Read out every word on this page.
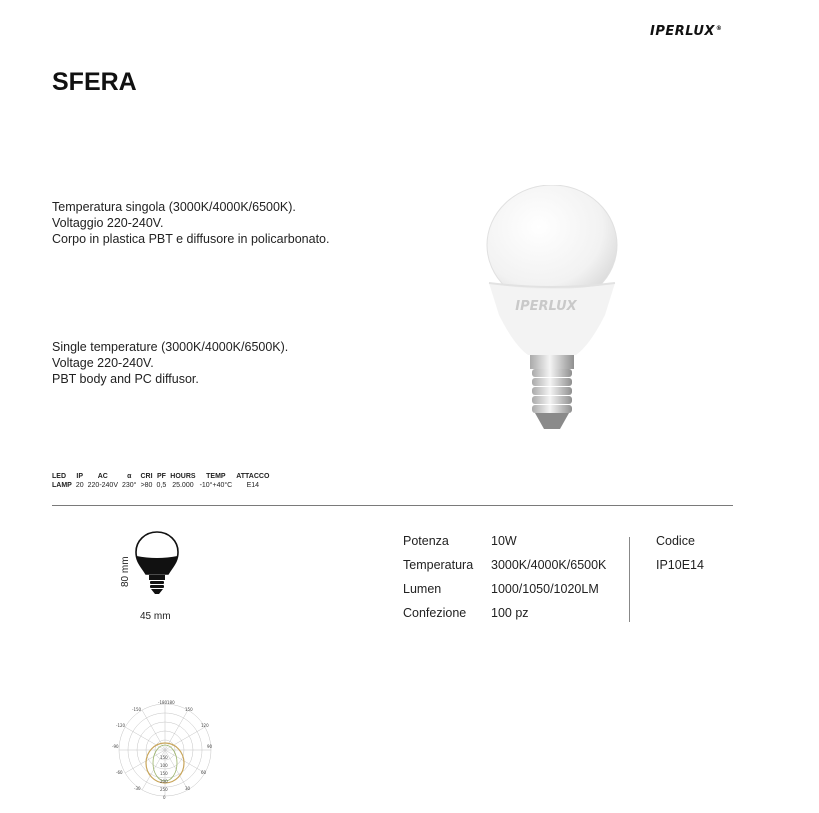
IPERLUX®
SFERA
Temperatura singola (3000K/4000K/6500K).
Voltaggio 220-240V.
Corpo in plastica PBT e diffusore in policarbonato.
Single temperature (3000K/4000K/6500K).
Voltage 220-240V.
PBT body and PC diffusor.
IPERLUX
LED	IP	AC	α	CRI	PF	HOURS	TEMP	ATTACCO
LAMP	20	220-240V	230°	>80	0,5	25.000	-10°+40°C	E14
80 mm
45 mm
Potenza	10W
Temperatura	3000K/4000K/6500K
Lumen	1000/1050/1020LM
Confezione	100 pz
Codice
IP10E14
-180 180
-150
-120
-90
-60
-30
150
120
90
60
30
150
100
150
200
250
0
